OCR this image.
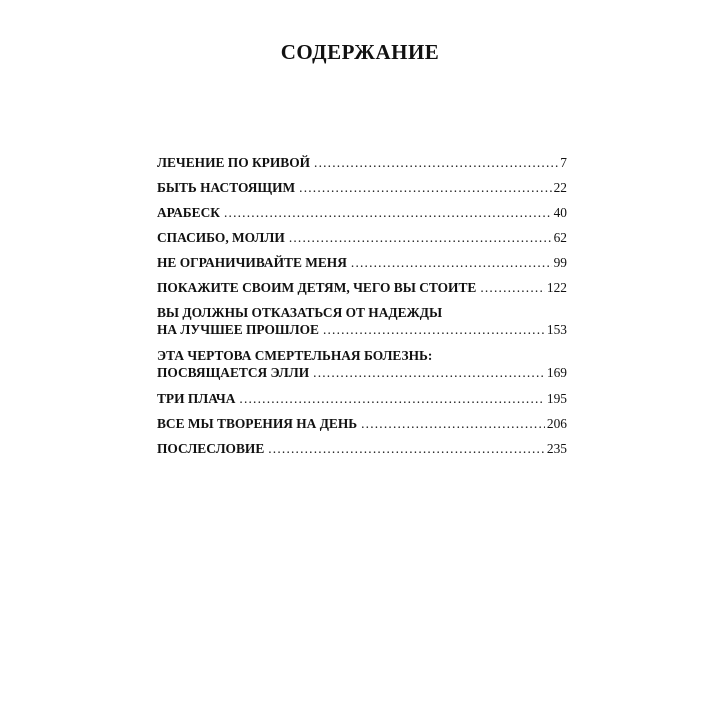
СОДЕРЖАНИЕ
ЛЕЧЕНИЕ ПО КРИВОЙ .....	7
БЫТЬ НАСТОЯЩИМ .....	22
АРАБЕСК .....	40
СПАСИБО, МОЛЛИ .....	62
НЕ ОГРАНИЧИВАЙТЕ МЕНЯ .....	99
ПОКАЖИТЕ СВОИМ ДЕТЯМ, ЧЕГО ВЫ СТОИТЕ .....	122
ВЫ ДОЛЖНЫ ОТКАЗАТЬСЯ ОТ НАДЕЖДЫ
НА ЛУЧШЕЕ ПРОШЛОЕ .....	153
ЭТА ЧЕРТОВА СМЕРТЕЛЬНАЯ БОЛЕЗНЬ:
ПОСВЯЩАЕТСЯ ЭЛЛИ .....	169
ТРИ ПЛАЧА .....	195
ВСЕ МЫ ТВОРЕНИЯ НА ДЕНЬ .....	206
ПОСЛЕСЛОВИЕ .....	235
